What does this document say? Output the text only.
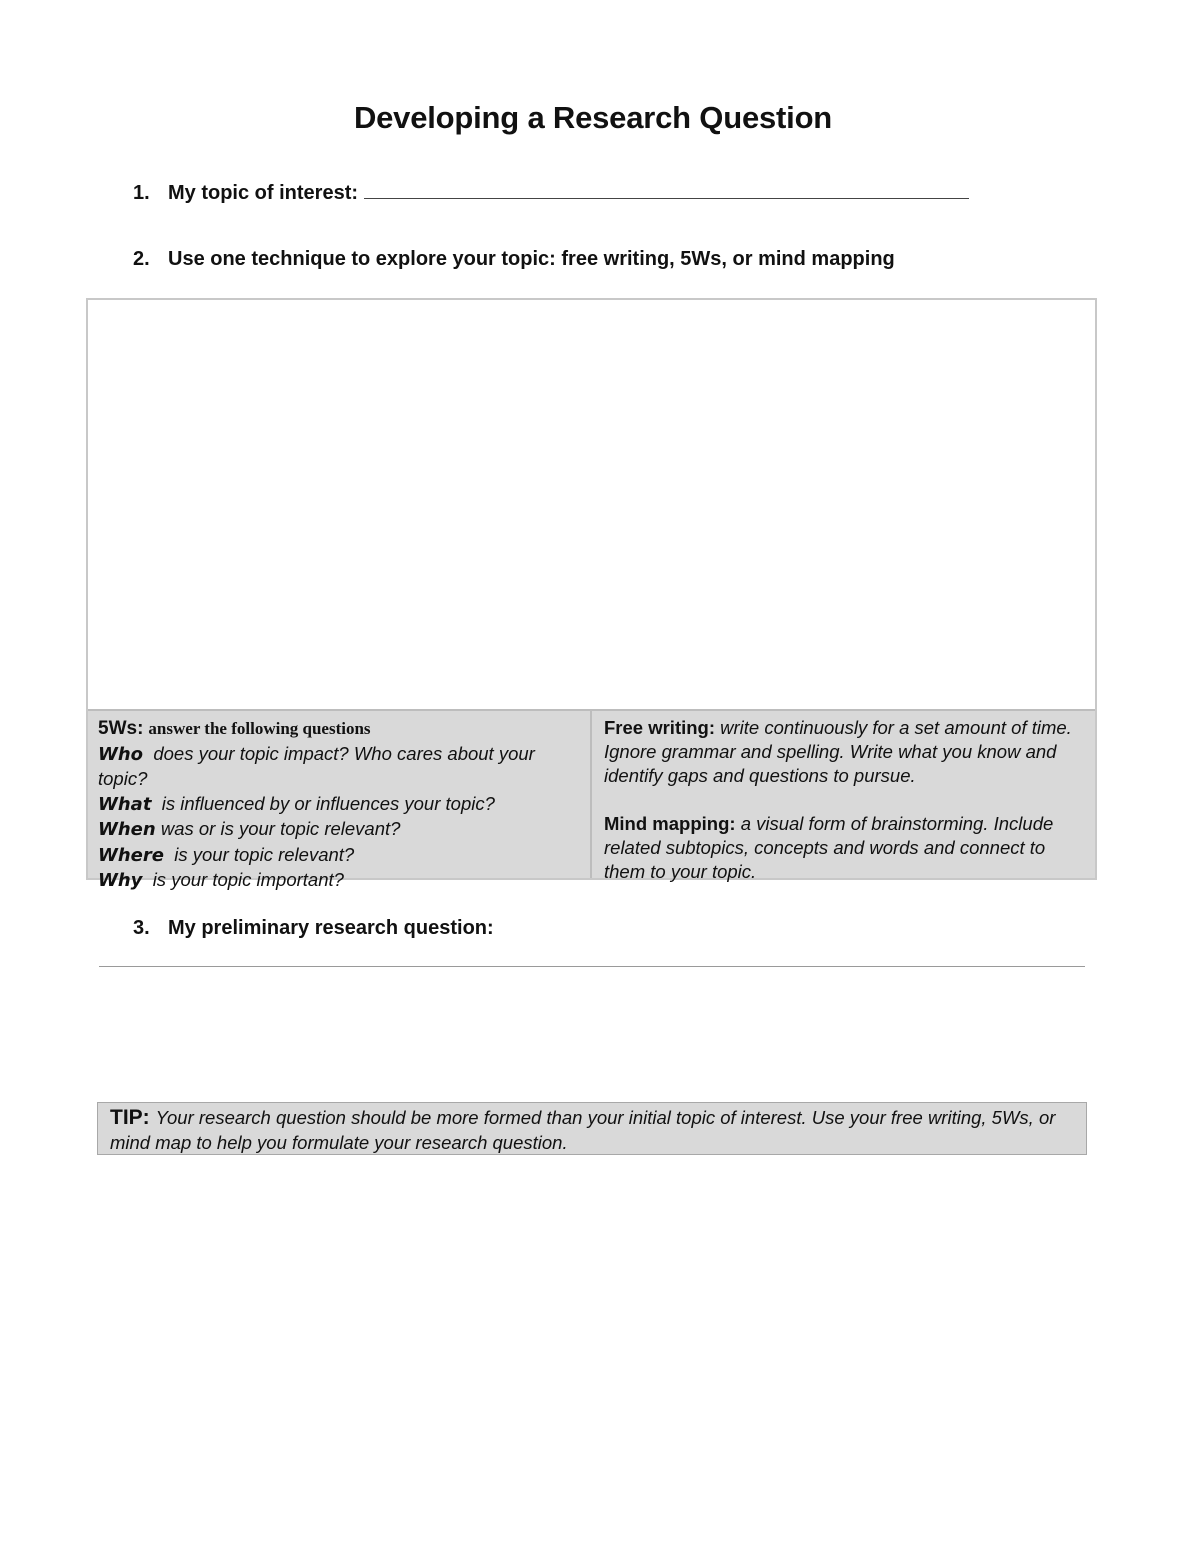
Developing a Research Question
1. My topic of interest:
2. Use one technique to explore your topic: free writing, 5Ws, or mind mapping
5Ws: answer the following questions
Who does your topic impact? Who cares about your topic?
What is influenced by or influences your topic?
When was or is your topic relevant?
Where is your topic relevant?
Why is your topic important?
Free writing: write continuously for a set amount of time. Ignore grammar and spelling. Write what you know and identify gaps and questions to pursue.
Mind mapping: a visual form of brainstorming. Include related subtopics, concepts and words and connect to them to your topic.
3. My preliminary research question:
TIP: Your research question should be more formed than your initial topic of interest. Use your free writing, 5Ws, or mind map to help you formulate your research question.
